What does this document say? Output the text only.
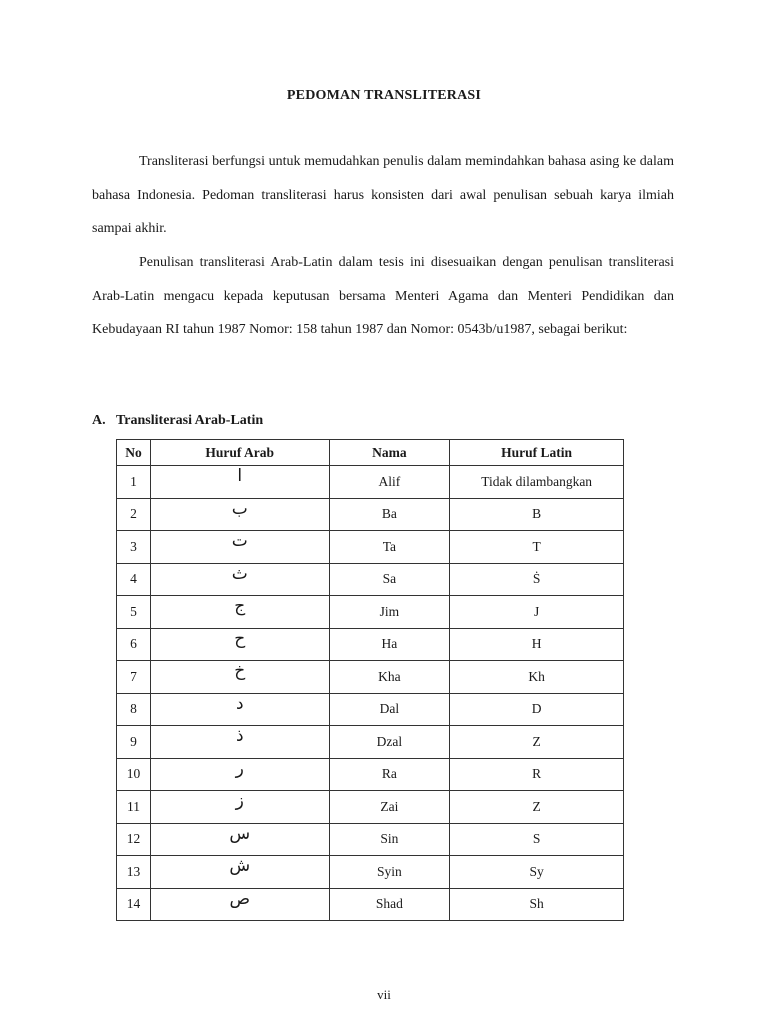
PEDOMAN TRANSLITERASI

Transliterasi berfungsi untuk memudahkan penulis dalam memindahkan bahasa asing ke dalam bahasa Indonesia. Pedoman transliterasi harus konsisten dari awal penulisan sebuah karya ilmiah sampai akhir.

Penulisan transliterasi Arab-Latin dalam tesis ini disesuaikan dengan penulisan transliterasi Arab-Latin mengacu kepada keputusan bersama Menteri Agama dan Menteri Pendidikan dan Kebudayaan RI tahun 1987 Nomor: 158 tahun 1987 dan Nomor: 0543b/u1987, sebagai berikut:

A. Transliterasi Arab-Latin
No	Huruf Arab	Nama	Huruf Latin
1	ا	Alif	Tidak dilambangkan
2	ب	Ba	B
3	ت	Ta	T
4	ث	Sa	Ṡ
5	ج	Jim	J
6	ح	Ha	H
7	خ	Kha	Kh
8	د	Dal	D
9	ذ	Dzal	Z
10	ر	Ra	R
11	ز	Zai	Z
12	س	Sin	S
13	ش	Syin	Sy
14	ص	Shad	Sh
vii
